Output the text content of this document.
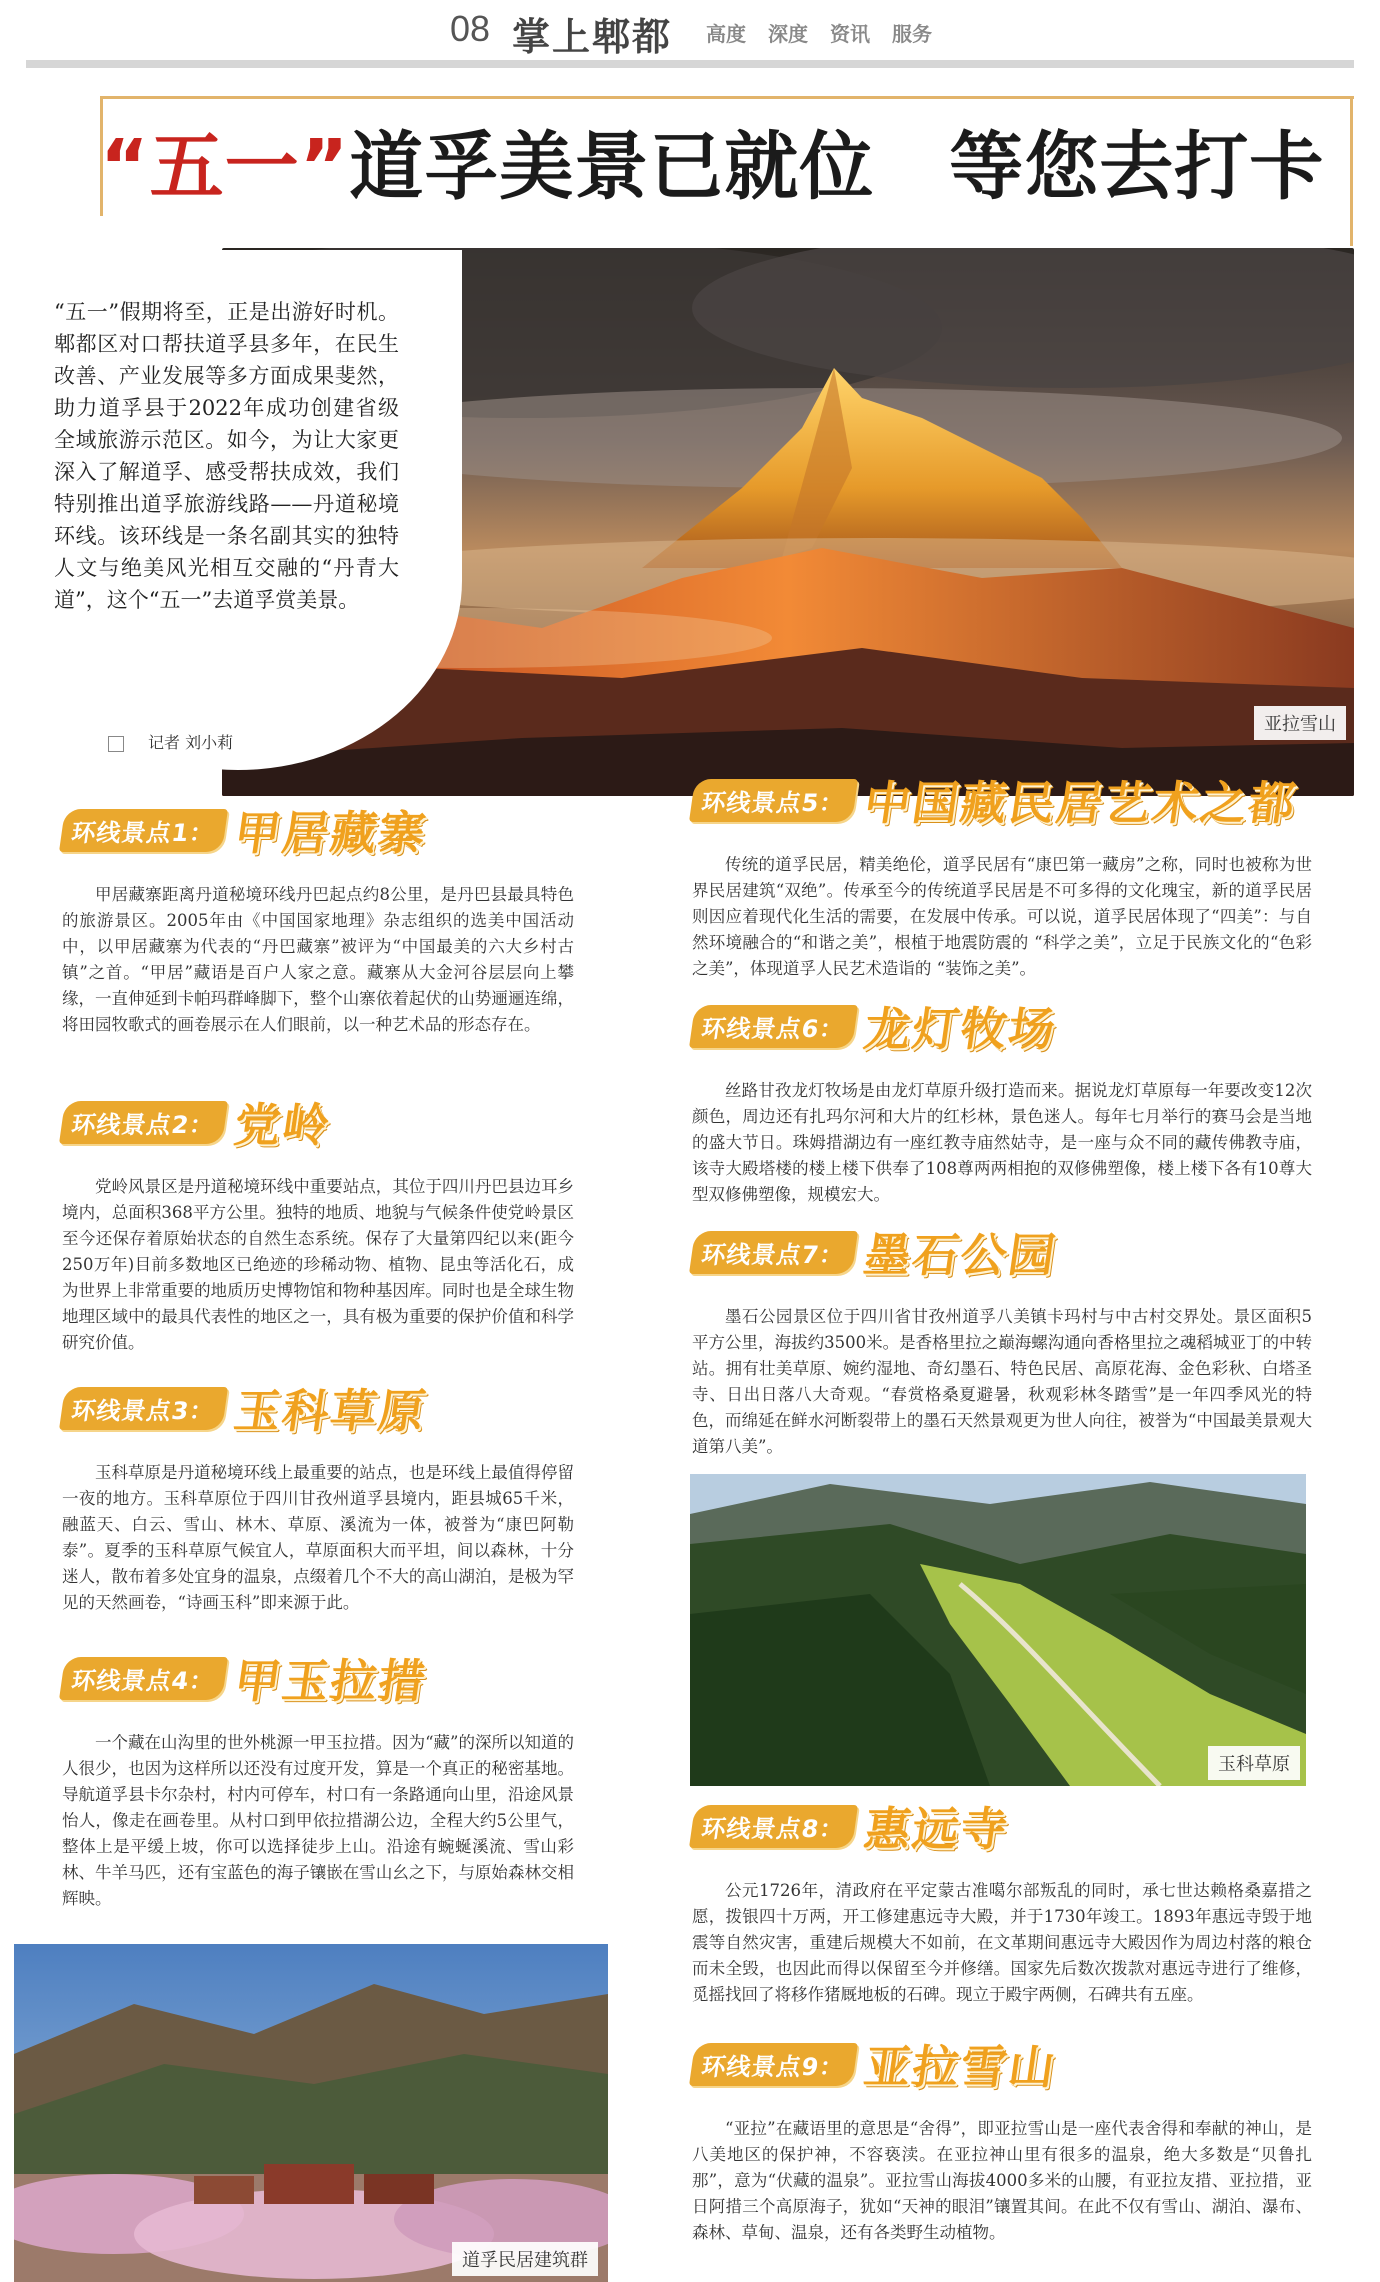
08 掌上郫都 高度 深度 资讯 服务
“五一”道孚美景已就位　等您去打卡
亚拉雪山
“五一”假期将至，正是出游好时机。郫都区对口帮扶道孚县多年，在民生改善、产业发展等多方面成果斐然，助力道孚县于2022年成功创建省级全域旅游示范区。如今，为让大家更深入了解道孚、感受帮扶成效，我们特别推出道孚旅游线路——丹道秘境环线。该环线是一条名副其实的独特人文与绝美风光相互交融的“丹青大道”，这个“五一”去道孚赏美景。
记者 刘小莉
环线景点1： 甲居藏寨
甲居藏寨距离丹道秘境环线丹巴起点约8公里，是丹巴县最具特色的旅游景区。2005年由《中国国家地理》杂志组织的选美中国活动中，以甲居藏寨为代表的“丹巴藏寨”被评为“中国最美的六大乡村古镇”之首。“甲居”藏语是百户人家之意。藏寨从大金河谷层层向上攀缘，一直伸延到卡帕玛群峰脚下，整个山寨依着起伏的山势逦逦连绵，将田园牧歌式的画卷展示在人们眼前，以一种艺术品的形态存在。
环线景点2： 党岭
党岭风景区是丹道秘境环线中重要站点，其位于四川丹巴县边耳乡境内，总面积368平方公里。独特的地质、地貌与气候条件使党岭景区至今还保存着原始状态的自然生态系统。保存了大量第四纪以来(距今250万年)目前多数地区已绝迹的珍稀动物、植物、昆虫等活化石，成为世界上非常重要的地质历史博物馆和物种基因库。同时也是全球生物地理区域中的最具代表性的地区之一，具有极为重要的保护价值和科学研究价值。
环线景点3： 玉科草原
玉科草原是丹道秘境环线上最重要的站点，也是环线上最值得停留一夜的地方。玉科草原位于四川甘孜州道孚县境内，距县城65千米，融蓝天、白云、雪山、林木、草原、溪流为一体，被誉为“康巴阿勒泰”。夏季的玉科草原气候宜人，草原面积大而平坦，间以森林，十分迷人，散布着多处宜身的温泉，点缀着几个不大的高山湖泊，是极为罕见的天然画卷，“诗画玉科”即来源于此。
环线景点4： 甲玉拉措
一个藏在山沟里的世外桃源一甲玉拉措。因为“藏”的深所以知道的人很少，也因为这样所以还没有过度开发，算是一个真正的秘密基地。导航道孚县卡尔杂村，村内可停车，村口有一条路通向山里，沿途风景怡人，像走在画卷里。从村口到甲依拉措湖公边，全程大约5公里气，整体上是平缓上坡，你可以选择徒步上山。沿途有蜿蜒溪流、雪山彩林、牛羊马匹，还有宝蓝色的海子镶嵌在雪山幺之下，与原始森林交相辉映。
道孚民居建筑群
环线景点5： 中国藏民居艺术之都
传统的道孚民居，精美绝伦，道孚民居有“康巴第一藏房”之称，同时也被称为世界民居建筑“双绝”。传承至今的传统道孚民居是不可多得的文化瑰宝，新的道孚民居则因应着现代化生活的需要，在发展中传承。可以说，道孚民居体现了“四美”：与自然环境融合的“和谐之美”，根植于地震防震的 “科学之美”，立足于民族文化的“色彩之美”，体现道孚人民艺术造诣的 “装饰之美”。
环线景点6： 龙灯牧场
丝路甘孜龙灯牧场是由龙灯草原升级打造而来。据说龙灯草原每一年要改变12次颜色，周边还有扎玛尔河和大片的红杉林，景色迷人。每年七月举行的赛马会是当地的盛大节日。珠姆措湖边有一座红教寺庙然姑寺，是一座与众不同的藏传佛教寺庙，该寺大殿塔楼的楼上楼下供奉了108尊两两相抱的双修佛塑像，楼上楼下各有10尊大型双修佛塑像，规模宏大。
环线景点7： 墨石公园
墨石公园景区位于四川省甘孜州道孚八美镇卡玛村与中古村交界处。景区面积5平方公里，海拔约3500米。是香格里拉之巅海螺沟通向香格里拉之魂稻城亚丁的中转站。拥有壮美草原、婉约湿地、奇幻墨石、特色民居、高原花海、金色彩秋、白塔圣寺、日出日落八大奇观。“春赏格桑夏避暑，秋观彩林冬踏雪”是一年四季风光的特色，而绵延在鲜水河断裂带上的墨石天然景观更为世人向往，被誉为“中国最美景观大道第八美”。
玉科草原
环线景点8： 惠远寺
公元1726年，清政府在平定蒙古准噶尔部叛乱的同时，承七世达赖格桑嘉措之愿，拨银四十万两，开工修建惠远寺大殿，并于1730年竣工。1893年惠远寺毁于地震等自然灾害，重建后规模大不如前，在文革期间惠远寺大殿因作为周边村落的粮仓而未全毁，也因此而得以保留至今并修缮。国家先后数次拨款对惠远寺进行了维修，觅摇找回了将移作猪厩地板的石碑。现立于殿宇两侧，石碑共有五座。
环线景点9： 亚拉雪山
“亚拉”在藏语里的意思是“舍得”，即亚拉雪山是一座代表舍得和奉献的神山，是八美地区的保护神，不容亵渎。在亚拉神山里有很多的温泉，绝大多数是“贝鲁扎那”，意为“伏藏的温泉”。亚拉雪山海拔4000多米的山腰，有亚拉友措、亚拉措，亚日阿措三个高原海子，犹如“天神的眼泪”镶置其间。在此不仅有雪山、湖泊、瀑布、森林、草甸、温泉，还有各类野生动植物。
